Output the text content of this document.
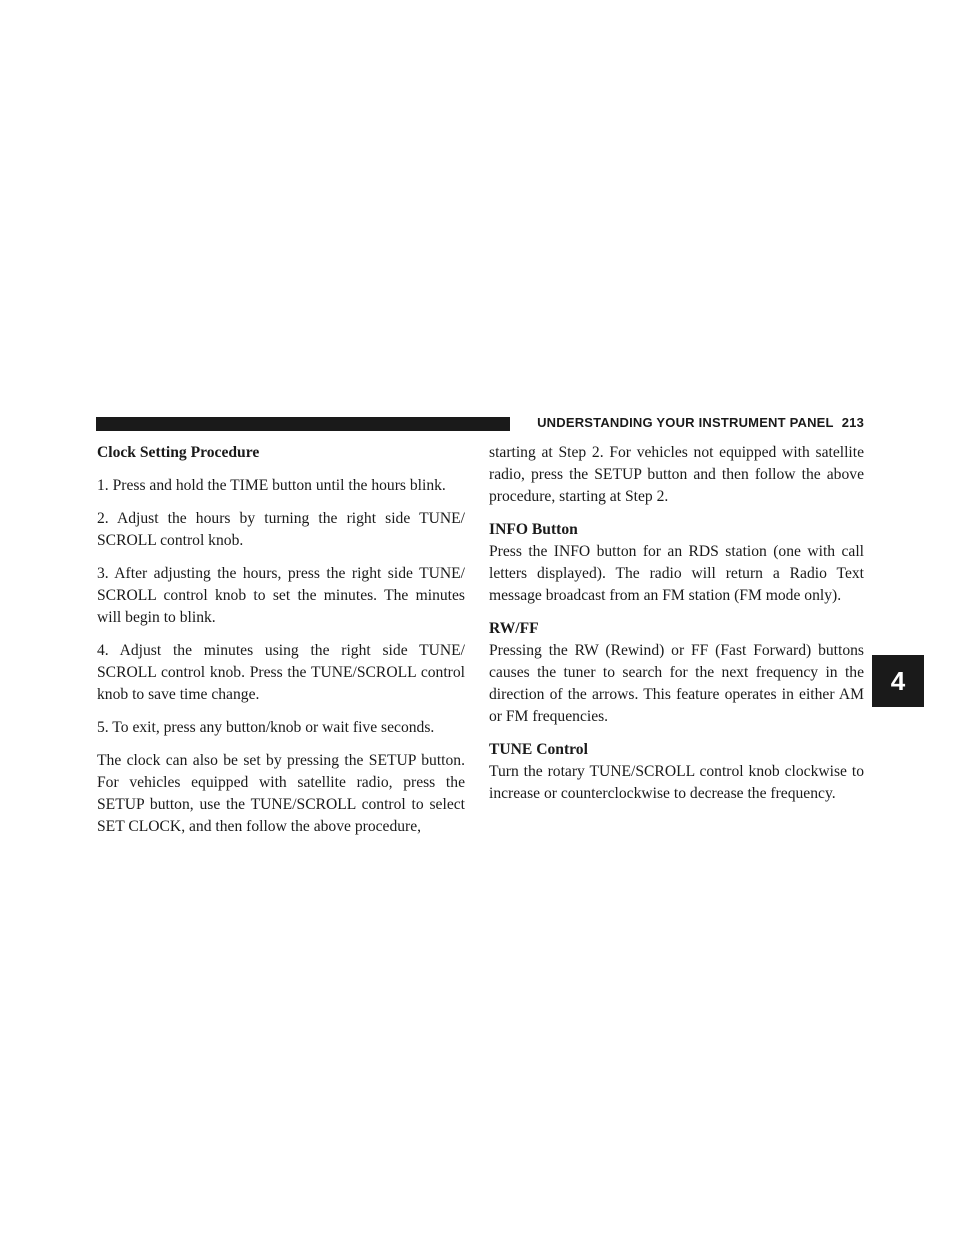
UNDERSTANDING YOUR INSTRUMENT PANEL 213
Clock Setting Procedure

1. Press and hold the TIME button until the hours blink.

2. Adjust the hours by turning the right side TUNE/ SCROLL control knob.

3. After adjusting the hours, press the right side TUNE/ SCROLL control knob to set the minutes. The minutes will begin to blink.

4. Adjust the minutes using the right side TUNE/ SCROLL control knob. Press the TUNE/SCROLL control knob to save time change.

5. To exit, press any button/knob or wait five seconds.

The clock can also be set by pressing the SETUP button. For vehicles equipped with satellite radio, press the SETUP button, use the TUNE/SCROLL control to select SET CLOCK, and then follow the above procedure,

starting at Step 2. For vehicles not equipped with satellite radio, press the SETUP button and then follow the above procedure, starting at Step 2.

INFO Button

Press the INFO button for an RDS station (one with call letters displayed). The radio will return a Radio Text message broadcast from an FM station (FM mode only).

RW/FF

Pressing the RW (Rewind) or FF (Fast Forward) buttons causes the tuner to search for the next frequency in the direction of the arrows. This feature operates in either AM or FM frequencies.

TUNE Control

Turn the rotary TUNE/SCROLL control knob clockwise to increase or counterclockwise to decrease the frequency.

4
